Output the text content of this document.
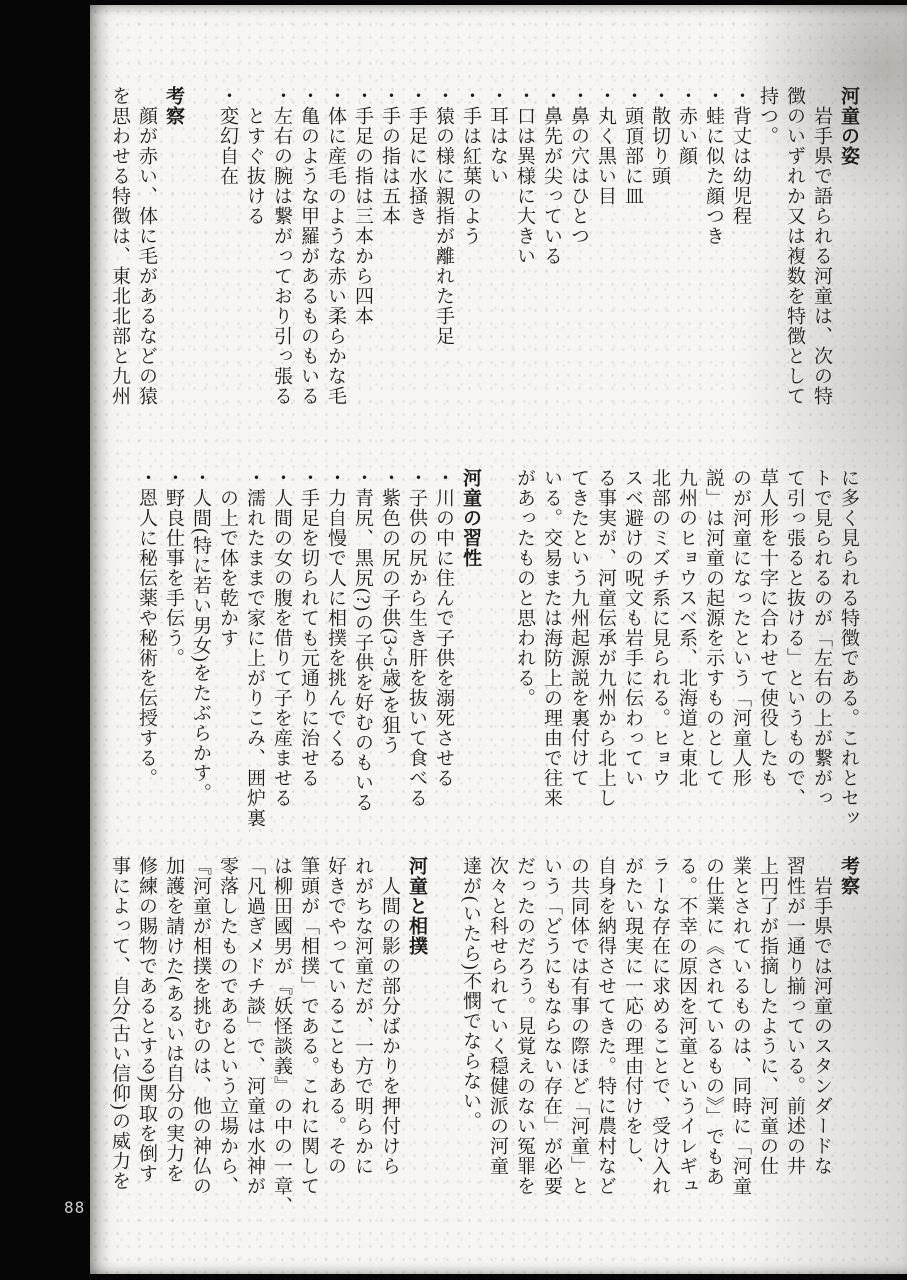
河童の姿
　岩手県で語られる河童は、次の特
徴のいずれか又は複数を特徴として
持つ。
・背丈は幼児程
・蛙に似た顔つき
・赤い顔
・散切り頭
・頭頂部に皿
・丸く黒い目
・鼻の穴はひとつ
・鼻先が尖っている
・口は異様に大きい
・耳はない
・手は紅葉のよう
・猿の様に親指が離れた手足
・手足に水掻き
・手の指は五本
・手足の指は三本から四本
・体に産毛のような赤い柔らかな毛
・亀のような甲羅があるものもいる
・左右の腕は繋がっており引っ張る
　とすぐ抜ける
・変幻自在

考察
　顔が赤い、体に毛があるなどの猿
を思わせる特徴は、東北北部と九州
に多く見られる特徴である。これとセッ
トで見られるのが「左右の上が繋がっ
て引っ張ると抜ける」というもので、
草人形を十字に合わせて使役したも
のが河童になったという「河童人形
説」は河童の起源を示すものとして
九州のヒョウスベ系、北海道と東北
北部のミズチ系に見られる。ヒョウ
スベ避けの呪文も岩手に伝わってい
る事実が、河童伝承が九州から北上し
てきたという九州起源説を裏付けて
いる。交易または海防上の理由で往来
があったものと思われる。

河童の習性
・川の中に住んで子供を溺死させる
・子供の尻から生き肝を抜いて食べる
・紫色の尻の子供(3~5歳)を狙う
・青尻、黒尻(?)の子供を好むのもいる
・力自慢で人に相撲を挑んでくる
・手足を切られても元通りに治せる
・人間の女の腹を借りて子を産ませる
・濡れたままで家に上がりこみ、囲炉裏
　の上で体を乾かす
・人間(特に若い男女)をたぶらかす。
・野良仕事を手伝う。
・恩人に秘伝薬や秘術を伝授する。
考察
　岩手県では河童のスタンダードな
習性が一通り揃っている。前述の井
上円了が指摘したように、河童の仕
業とされているものは、同時に「河童
の仕業に《されているもの》」でもあ
る。不幸の原因を河童というイレギュ
ラーな存在に求めることで、受け入れ
がたい現実に一応の理由付けをし、
自身を納得させてきた。特に農村など
の共同体では有事の際ほど「河童」と
いう「どうにもならない存在」が必要
だったのだろう。見覚えのない冤罪を
次々と科せられていく穏健派の河童
達が(いたら)不憫でならない。

河童と相撲
　人間の影の部分ばかりを押付けら
れがちな河童だが、一方で明らかに
好きでやっていることもある。その
筆頭が「相撲」である。これに関して
は柳田國男が『妖怪談義』の中の一章、
「凡過ぎメドチ談」で、河童は水神が
零落したものであるという立場から、
『河童が相撲を挑むのは、他の神仏の
加護を請けた(あるいは自分の実力を
修練の賜物であるとする)関取を倒す
事によって、自分(古い信仰)の威力を
88
